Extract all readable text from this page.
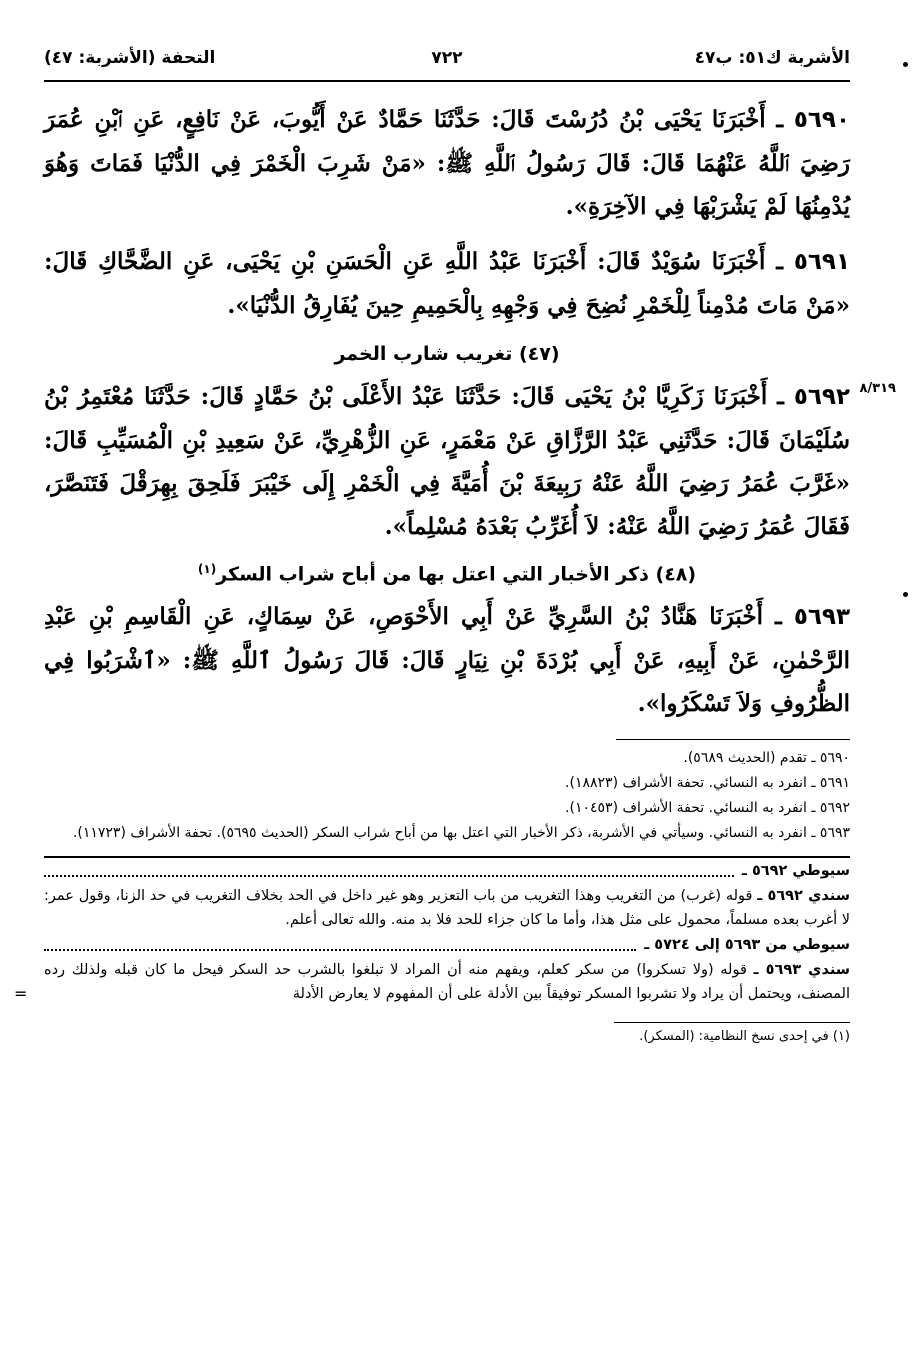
الأشربة ك٥١: ب٤٧
٧٢٢
التحفة (الأشربة: ٤٧)

٥٦٩٠ ـ أَخْبَرَنَا يَحْيَى بْنُ دُرُسْتَ قَالَ: حَدَّثَنَا حَمَّادٌ عَنْ أَيُّوبَ، عَنْ نَافِعٍ، عَنِ ٱبْنِ عُمَرَ رَضِيَ ٱللَّهُ عَنْهُمَا قَالَ: قَالَ رَسُولُ ٱللَّهِ ﷺ: «مَنْ شَرِبَ الْخَمْرَ فِي الدُّنْيَا فَمَاتَ وَهُوَ يُدْمِنُهَا لَمْ يَشْرَبْهَا فِي الآخِرَةِ».

٥٦٩١ ـ أَخْبَرَنَا سُوَيْدٌ قَالَ: أَخْبَرَنَا عَبْدُ اللَّهِ عَنِ الْحَسَنِ بْنِ يَحْيَى، عَنِ الضَّحَّاكِ قَالَ: «مَنْ مَاتَ مُدْمِناً لِلْخَمْرِ نُضِحَ فِي وَجْهِهِ بِالْحَمِيمِ حِينَ يُفَارِقُ الدُّنْيَا».

(٤٧) تغريب شارب الخمر
٨/٣١٩

٥٦٩٢ ـ أَخْبَرَنَا زَكَرِيَّا بْنُ يَحْيَى قَالَ: حَدَّثَنَا عَبْدُ الأَعْلَى بْنُ حَمَّادٍ قَالَ: حَدَّثَنَا مُعْتَمِرُ بْنُ سُلَيْمَانَ قَالَ: حَدَّثَنِي عَبْدُ الرَّزَّاقِ عَنْ مَعْمَرٍ، عَنِ الزُّهْرِيِّ، عَنْ سَعِيدِ بْنِ الْمُسَيِّبِ قَالَ: «غَرَّبَ عُمَرُ رَضِيَ اللَّهُ عَنْهُ رَبِيعَةَ بْنَ أُمَيَّةَ فِي الْخَمْرِ إِلَى خَيْبَرَ فَلَحِقَ بِهِرَقْلَ فَتَنَصَّرَ، فَقَالَ عُمَرُ رَضِيَ اللَّهُ عَنْهُ: لاَ أُغَرِّبُ بَعْدَهُ مُسْلِماً».

(٤٨) ذكر الأخبار التي اعتل بها من أباح شراب السكر$^{(١)}$

٥٦٩٣ ـ أَخْبَرَنَا هَنَّادُ بْنُ السَّرِيِّ عَنْ أَبِي الأَحْوَصِ، عَنْ سِمَاكٍ، عَنِ الْقَاسِمِ بْنِ عَبْدِ الرَّحْمٰنِ، عَنْ أَبِيهِ، عَنْ أَبِي بُرْدَةَ بْنِ نِيَارٍ قَالَ: قَالَ رَسُولُ ٱللَّهِ ﷺ: «ٱشْرَبُوا فِي الظُّرُوفِ وَلاَ تَسْكَرُوا».

٥٦٩٠ ـ تقدم (الحديث ٥٦٨٩).
٥٦٩١ ـ انفرد به النسائي. تحفة الأشراف (١٨٨٢٣).
٥٦٩٢ ـ انفرد به النسائي. تحفة الأشراف (١٠٤٥٣).
٥٦٩٣ ـ انفرد به النسائي. وسيأتي في الأشربة، ذكر الأخبار التي اعتل بها من أباح شراب السكر (الحديث ٥٦٩٥). تحفة الأشراف (١١٧٢٣).
سيوطي ٥٦٩٢ ـ

سندي ٥٦٩٢ ـ قوله (غرب) من التغريب وهذا التغريب من باب التعزير وهو غير داخل في الحد بخلاف التغريب في حد الزنا، وقول عمر: لا أغرب بعده مسلماً، محمول على مثل هذا، وأما ما كان جزاء للحد فلا بد منه. والله تعالى أعلم.

سيوطي من ٥٦٩٣ إلى ٥٧٢٤ ـ
=

سندي ٥٦٩٣ ـ قوله (ولا تسكروا) من سكر كعلم، ويفهم منه أن المراد لا تبلغوا بالشرب حد السكر فيحل ما كان قبله ولذلك رده المصنف، ويحتمل أن يراد ولا تشربوا المسكر توفيقاً بين الأدلة على أن المفهوم لا يعارض الأدلة

(١) في إحدى نسخ النظامية: (المسكر).
